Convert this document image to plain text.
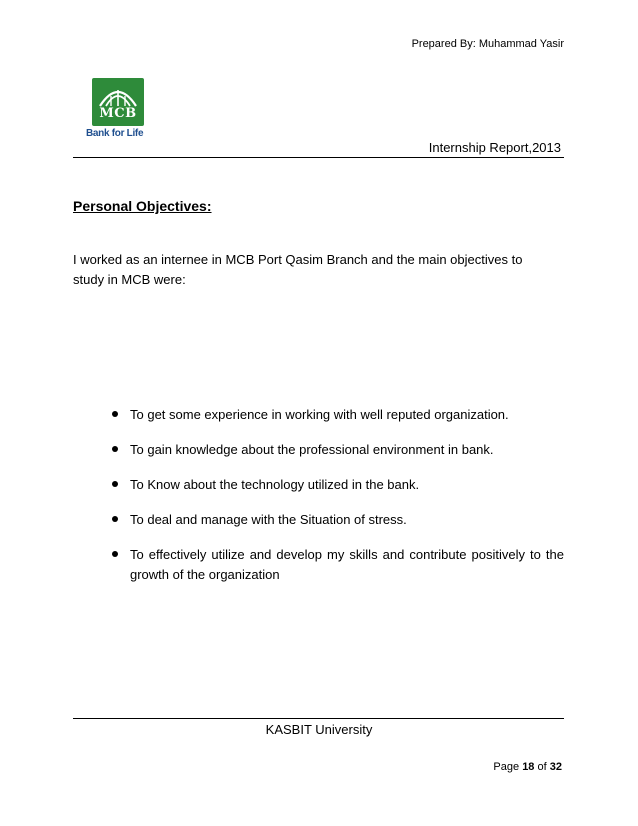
Prepared By: Muhammad Yasir
MCB
Bank for Life
Internship Report,2013
Personal Objectives:
I worked as an internee in MCB Port Qasim Branch and the main objectives to study in MCB were:
To get some experience in working with well reputed organization.
To gain knowledge about the professional environment in bank.
To Know about the technology utilized in the bank.
To deal and manage with the Situation of stress.
To effectively utilize and develop my skills and contribute positively to the growth of the organization
KASBIT University
Page 18 of 32
